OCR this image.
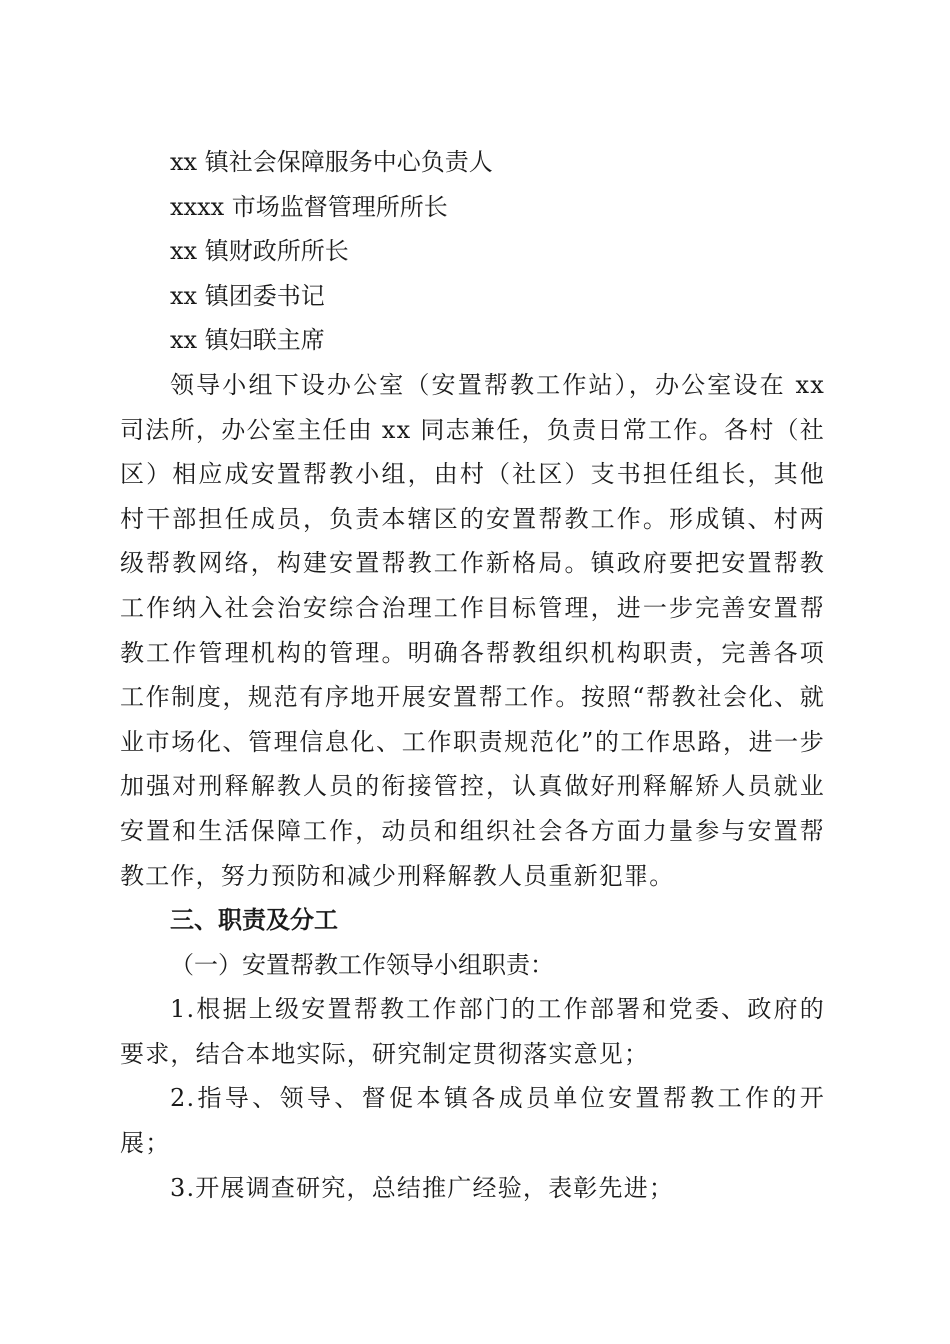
xx 镇社会保障服务中心负责人

xxxx 市场监督管理所所长

xx 镇财政所所长

xx 镇团委书记

xx 镇妇联主席

领导小组下设办公室（安置帮教工作站），办公室设在 xx 司法所，办公室主任由 xx 同志兼任，负责日常工作。各村（社区）相应成安置帮教小组，由村（社区）支书担任组长，其他村干部担任成员，负责本辖区的安置帮教工作。形成镇、村两级帮教网络，构建安置帮教工作新格局。镇政府要把安置帮教工作纳入社会治安综合治理工作目标管理，进一步完善安置帮教工作管理机构的管理。明确各帮教组织机构职责，完善各项工作制度，规范有序地开展安置帮工作。按照“帮教社会化、就业市场化、管理信息化、工作职责规范化”的工作思路，进一步加强对刑释解教人员的衔接管控，认真做好刑释解矫人员就业安置和生活保障工作，动员和组织社会各方面力量参与安置帮教工作，努力预防和减少刑释解教人员重新犯罪。

三、职责及分工

（一）安置帮教工作领导小组职责：

1.根据上级安置帮教工作部门的工作部署和党委、政府的要求，结合本地实际，研究制定贯彻落实意见；

2.指导、领导、督促本镇各成员单位安置帮教工作的开展；

3.开展调查研究，总结推广经验，表彰先进；
